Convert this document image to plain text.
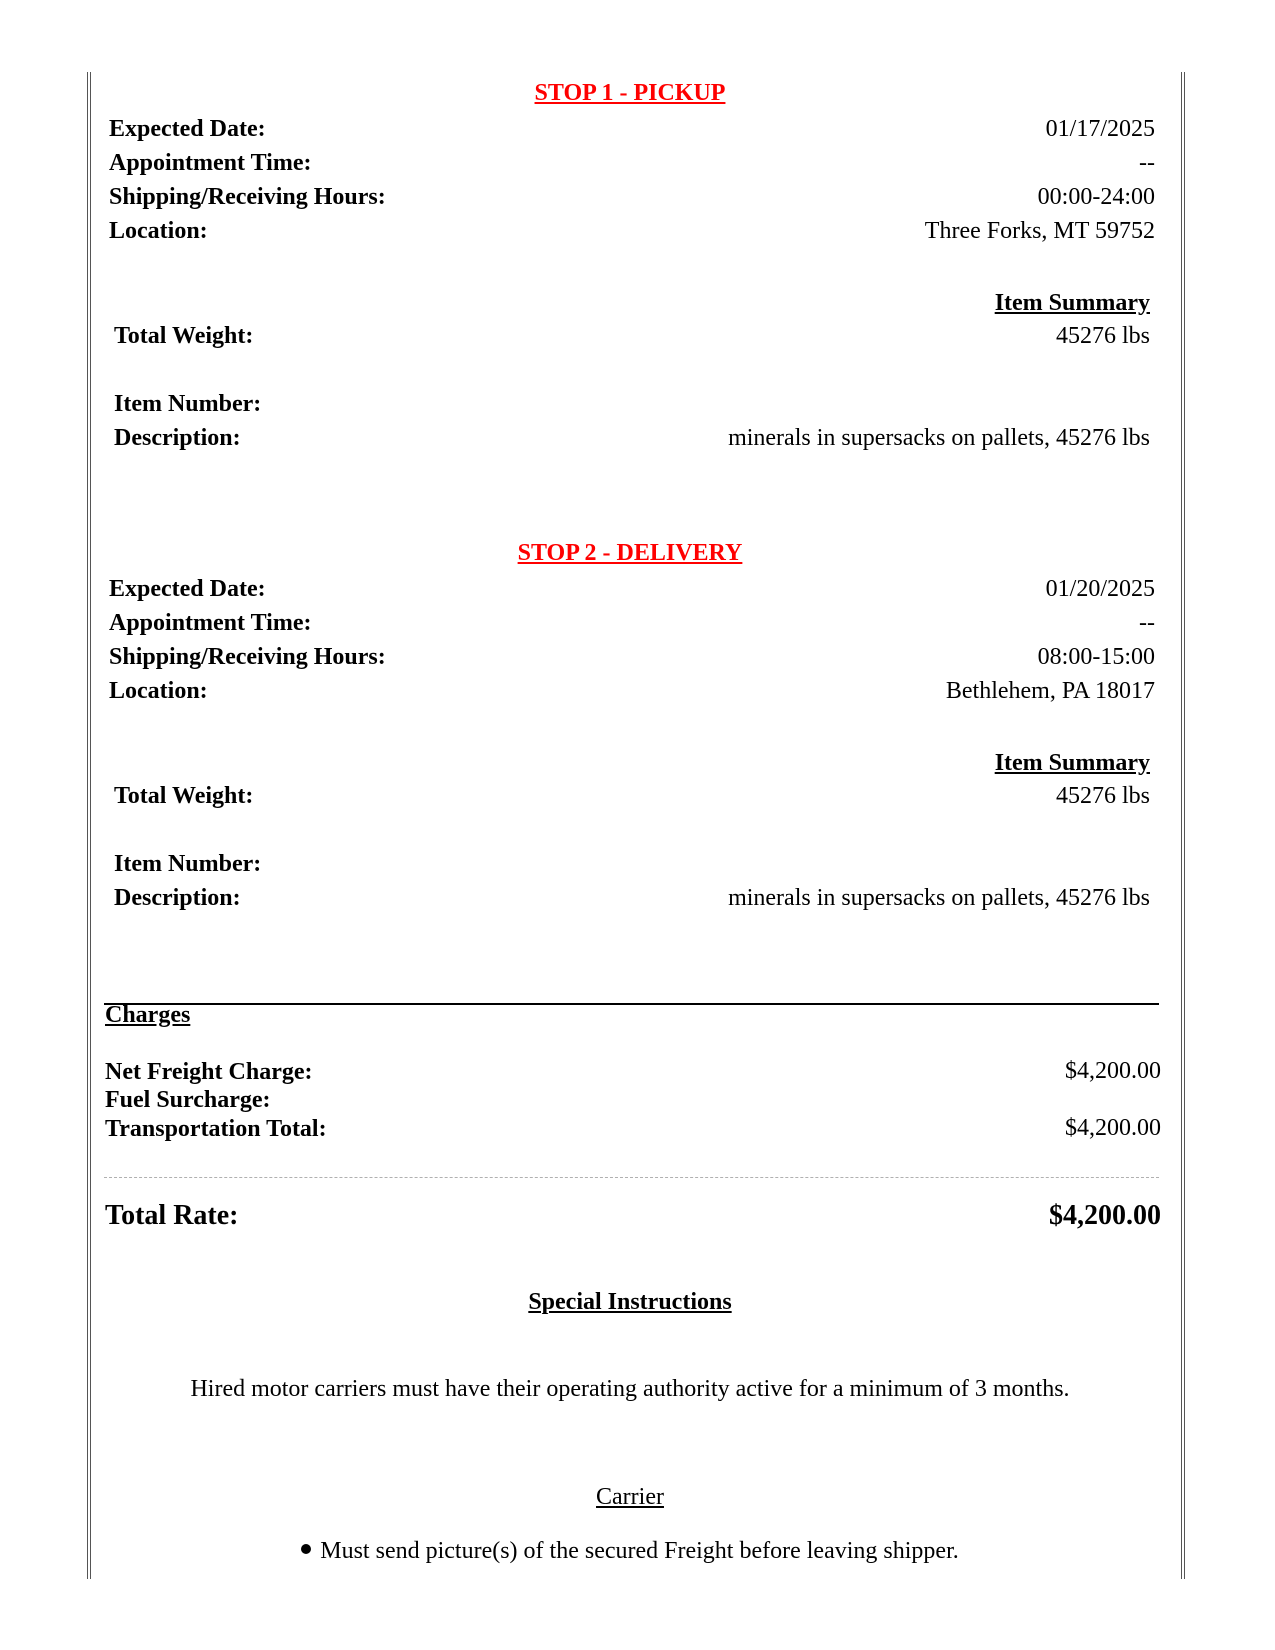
STOP 1 - PICKUP
Expected Date:	01/17/2025
Appointment Time:	--
Shipping/Receiving Hours:	00:00-24:00
Location:	Three Forks, MT 59752
Item Summary
Total Weight:	45276 lbs
Item Number:
Description:	minerals in supersacks on pallets, 45276 lbs
STOP 2 - DELIVERY
Expected Date:	01/20/2025
Appointment Time:	--
Shipping/Receiving Hours:	08:00-15:00
Location:	Bethlehem, PA 18017
Item Summary
Total Weight:	45276 lbs
Item Number:
Description:	minerals in supersacks on pallets, 45276 lbs
Charges
Net Freight Charge:	$4,200.00
Fuel Surcharge:
Transportation Total:	$4,200.00
Total Rate:	$4,200.00
Special Instructions
Hired motor carriers must have their operating authority active for a minimum of 3 months.
Carrier
Must send picture(s) of the secured Freight before leaving shipper.
